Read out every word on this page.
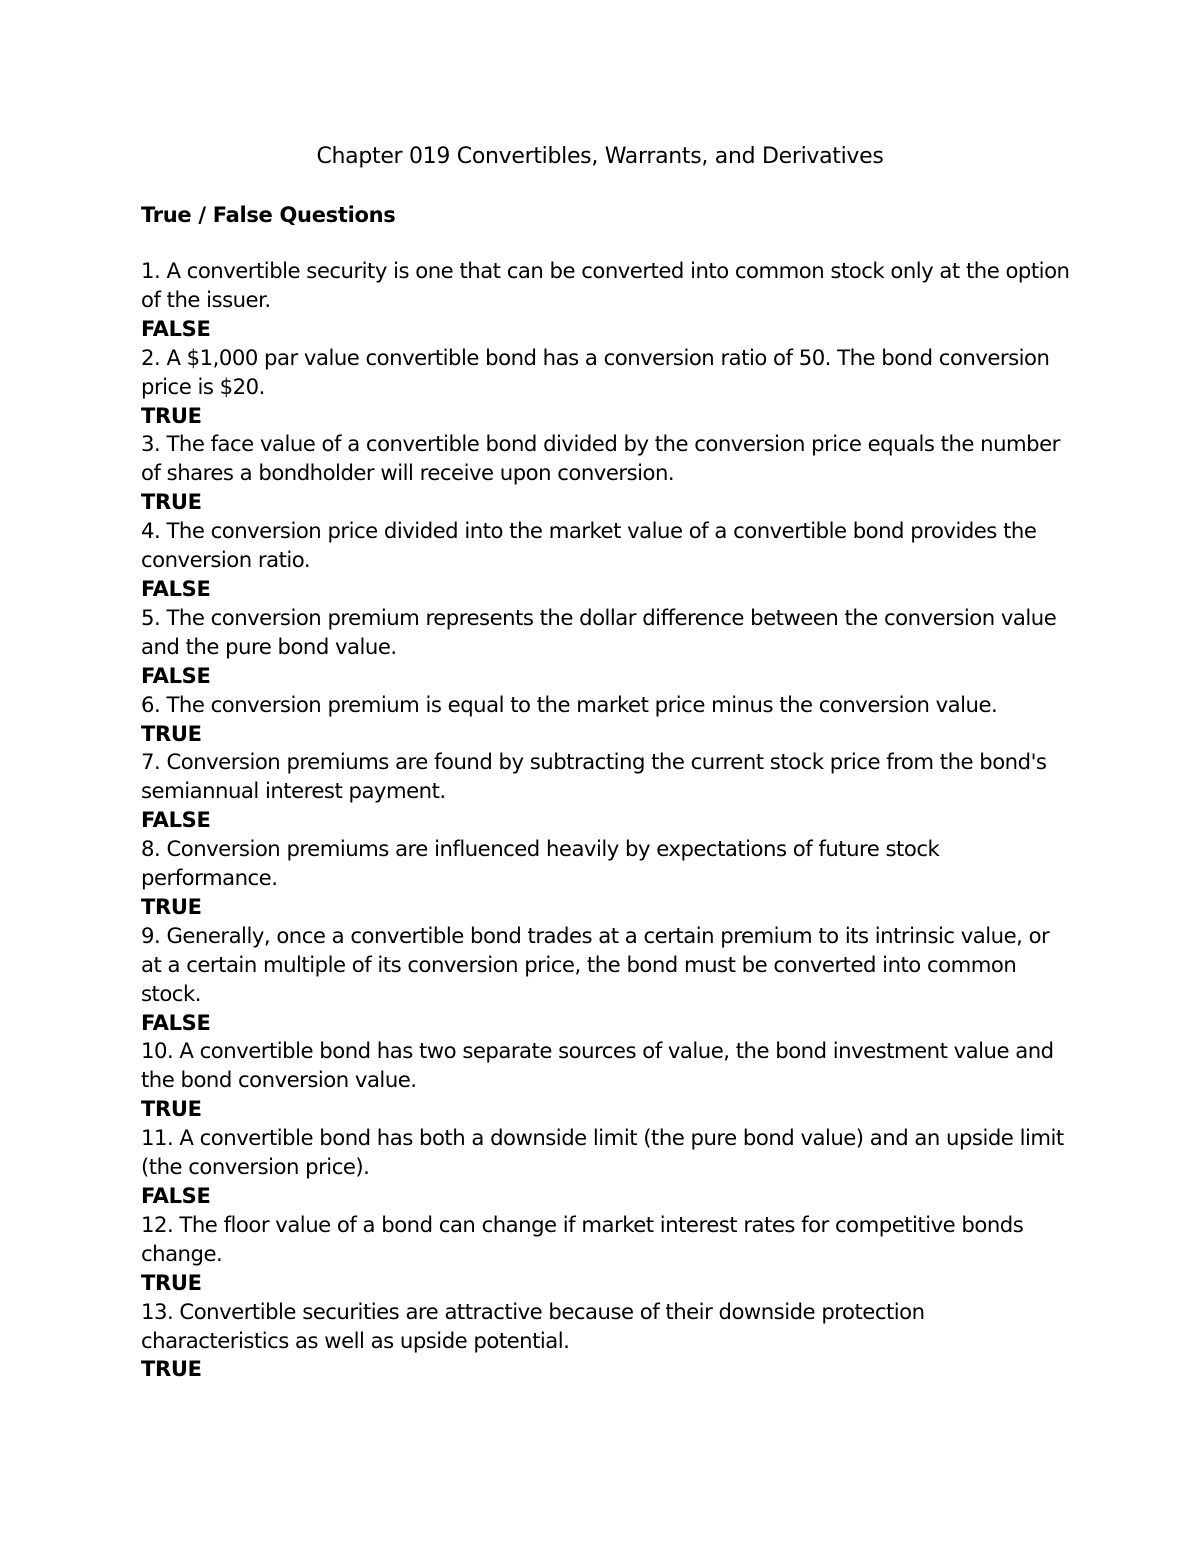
Chapter 019 Convertibles, Warrants, and Derivatives
True / False Questions
1. A convertible security is one that can be converted into common stock only at the option of the issuer.
FALSE
2. A $1,000 par value convertible bond has a conversion ratio of 50. The bond conversion price is $20.
TRUE
3. The face value of a convertible bond divided by the conversion price equals the number of shares a bondholder will receive upon conversion.
TRUE
4. The conversion price divided into the market value of a convertible bond provides the conversion ratio.
FALSE
5. The conversion premium represents the dollar difference between the conversion value and the pure bond value.
FALSE
6. The conversion premium is equal to the market price minus the conversion value.
TRUE
7. Conversion premiums are found by subtracting the current stock price from the bond's semiannual interest payment.
FALSE
8. Conversion premiums are influenced heavily by expectations of future stock performance.
TRUE
9. Generally, once a convertible bond trades at a certain premium to its intrinsic value, or at a certain multiple of its conversion price, the bond must be converted into common stock.
FALSE
10. A convertible bond has two separate sources of value, the bond investment value and the bond conversion value.
TRUE
11. A convertible bond has both a downside limit (the pure bond value) and an upside limit (the conversion price).
FALSE
12. The floor value of a bond can change if market interest rates for competitive bonds change.
TRUE
13. Convertible securities are attractive because of their downside protection characteristics as well as upside potential.
TRUE
